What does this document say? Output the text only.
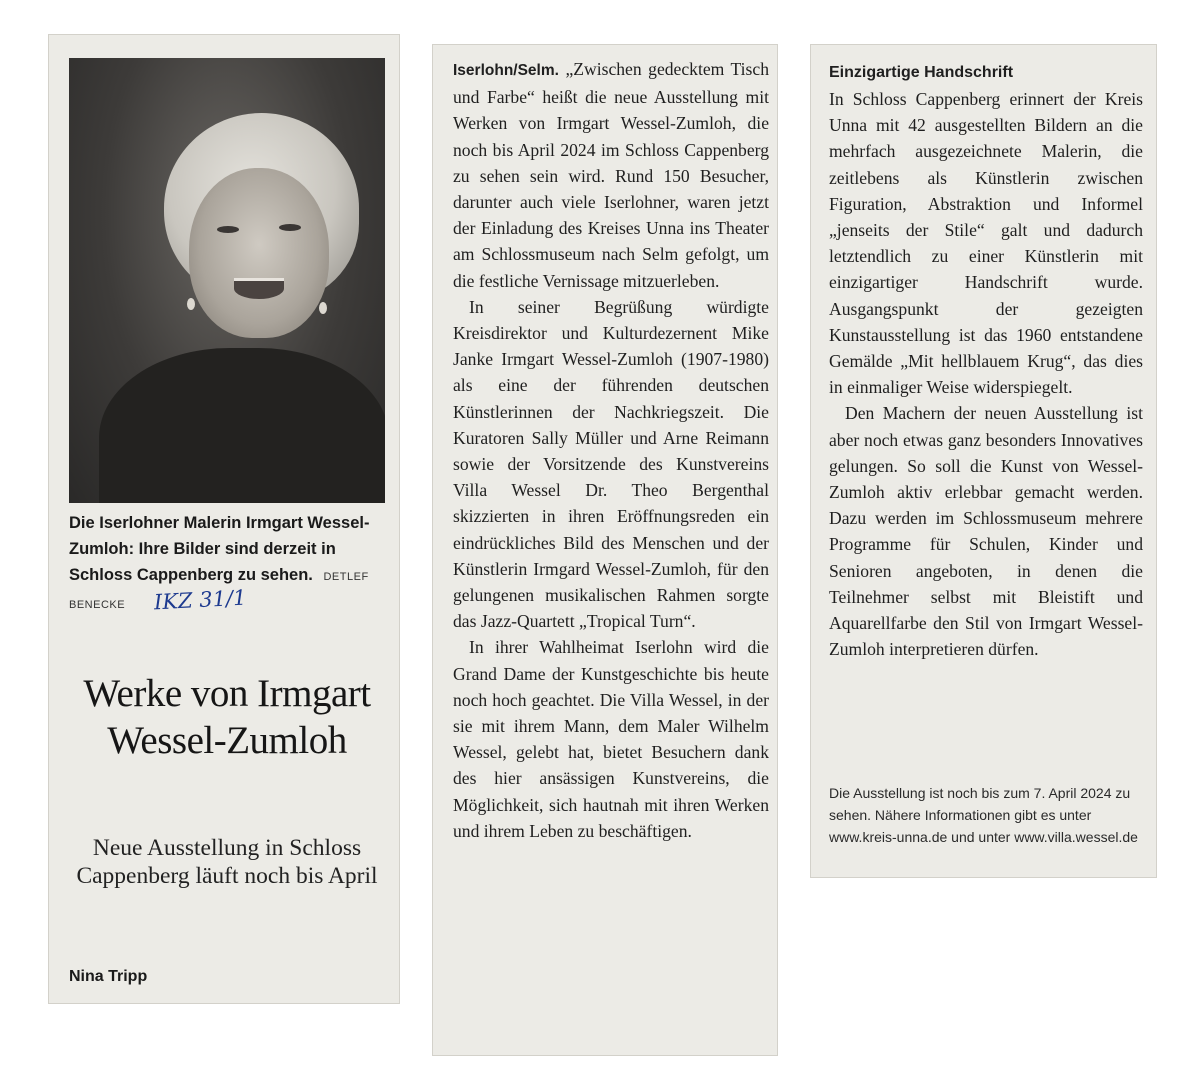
Die Iserlohner Malerin Irmgart Wessel-Zumloh: Ihre Bilder sind derzeit in Schloss Cappenberg zu sehen. DETLEF BENECKE	IKZ 31/1
Werke von Irmgart Wessel-Zumloh
Neue Ausstellung in Schloss Cappenberg läuft noch bis April
Nina Tripp

Iserlohn/Selm. „Zwischen gedecktem Tisch und Farbe“ heißt die neue Ausstellung mit Werken von Irmgart Wessel-Zumloh, die noch bis April 2024 im Schloss Cappenberg zu sehen sein wird. Rund 150 Besucher, darunter auch viele Iserlohner, waren jetzt der Einladung des Kreises Unna ins Theater am Schlossmuseum nach Selm gefolgt, um die festliche Vernissage mitzuerleben.

In seiner Begrüßung würdigte Kreisdirektor und Kulturdezernent Mike Janke Irmgart Wessel-Zumloh (1907-1980) als eine der führenden deutschen Künstlerinnen der Nachkriegszeit. Die Kuratoren Sally Müller und Arne Reimann sowie der Vorsitzende des Kunstvereins Villa Wessel Dr. Theo Bergenthal skizzierten in ihren Eröffnungsreden ein eindrückliches Bild des Menschen und der Künstlerin Irmgard Wessel-Zumloh, für den gelungenen musikalischen Rahmen sorgte das Jazz-Quartett „Tropical Turn“.

In ihrer Wahlheimat Iserlohn wird die Grand Dame der Kunstgeschichte bis heute noch hoch geachtet. Die Villa Wessel, in der sie mit ihrem Mann, dem Maler Wilhelm Wessel, gelebt hat, bietet Besuchern dank des hier ansässigen Kunstvereins, die Möglichkeit, sich hautnah mit ihren Werken und ihrem Leben zu beschäftigen.

Einzigartige Handschrift

In Schloss Cappenberg erinnert der Kreis Unna mit 42 ausgestellten Bildern an die mehrfach ausgezeichnete Malerin, die zeitlebens als Künstlerin zwischen Figuration, Abstraktion und Informel „jenseits der Stile“ galt und dadurch letztendlich zu einer Künstlerin mit einzigartiger Handschrift wurde. Ausgangspunkt der gezeigten Kunstausstellung ist das 1960 entstandene Gemälde „Mit hellblauem Krug“, das dies in einmaliger Weise widerspiegelt.

Den Machern der neuen Ausstellung ist aber noch etwas ganz besonders Innovatives gelungen. So soll die Kunst von Wessel-Zumloh aktiv erlebbar gemacht werden. Dazu werden im Schlossmuseum mehrere Programme für Schulen, Kinder und Senioren angeboten, in denen die Teilnehmer selbst mit Bleistift und Aquarellfarbe den Stil von Irmgart Wessel-Zumloh interpretieren dürfen.

Die Ausstellung ist noch bis zum 7. April 2024 zu sehen. Nähere Informationen gibt es unter www.kreis-unna.de und unter www.villa.wessel.de
